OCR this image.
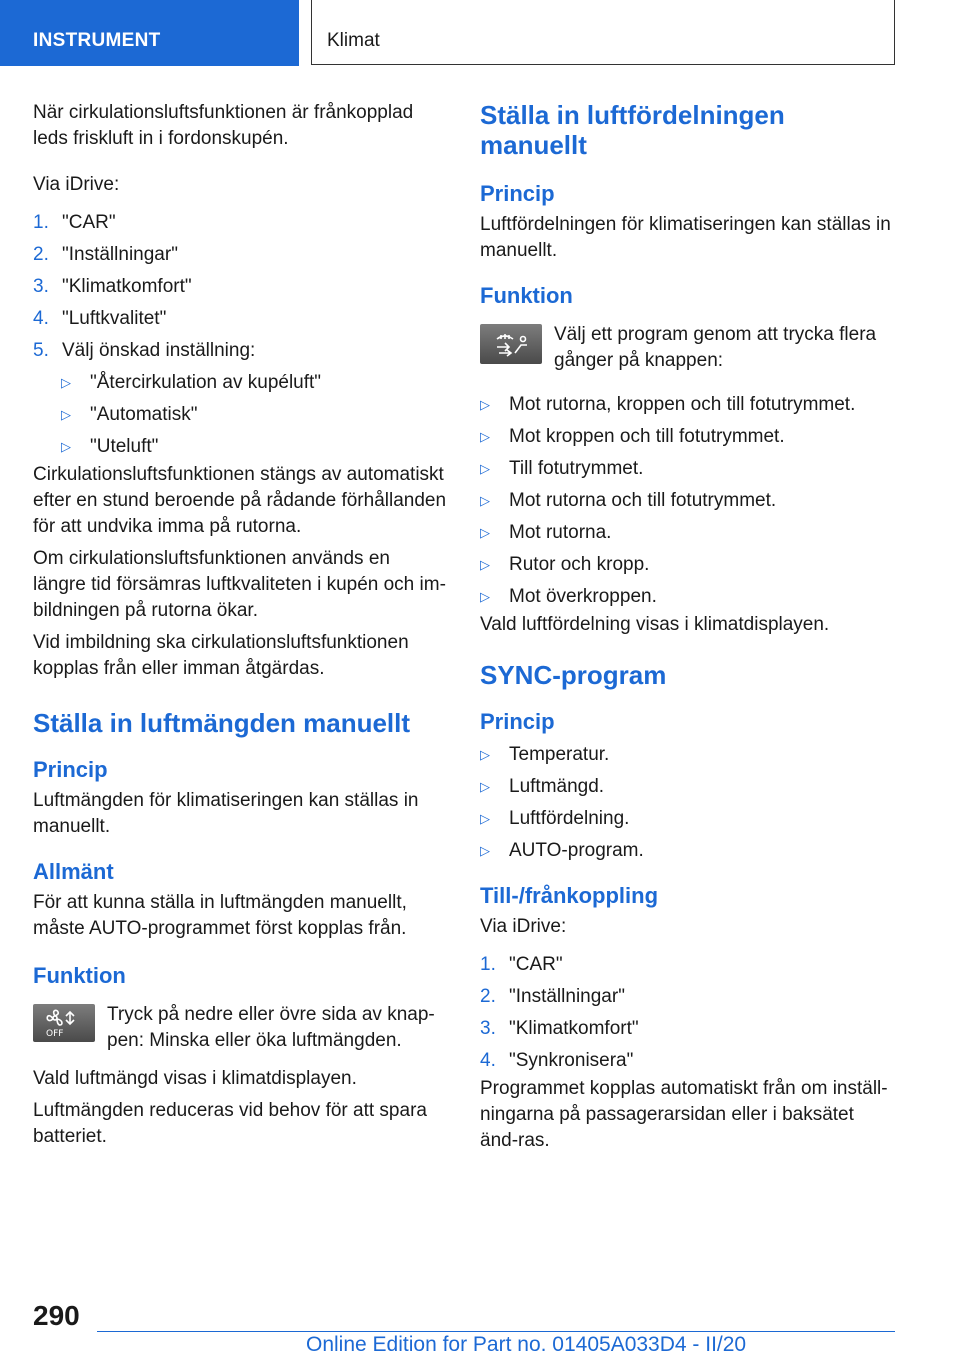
INSTRUMENT	Klimat

När cirkulationsluftsfunktionen är frånkopplad leds friskluft in i fordonskupén.

Via iDrive:

1. "CAR"
2. "Inställningar"
3. "Klimatkomfort"
4. "Luftkvalitet"
5. Välj önskad inställning:
▷	"Återcirkulation av kupéluft"
▷	"Automatisk"
▷	"Uteluft"

Cirkulationsluftsfunktionen stängs av automatiskt efter en stund beroende på rådande förhållanden för att undvika imma på rutorna.

Om cirkulationsluftsfunktionen används en längre tid försämras luftkvaliteten i kupén och im-bildningen på rutorna ökar.

Vid imbildning ska cirkulationsluftsfunktionen kopplas från eller imman åtgärdas.

Ställa in luftmängden manuellt
Princip

Luftmängden för klimatiseringen kan ställas in manuellt.

Allmänt

För att kunna ställa in luftmängden manuellt, måste AUTO-programmet först kopplas från.

Funktion
OFF

Tryck på nedre eller övre sida av knap-pen: Minska eller öka luftmängden.

Vald luftmängd visas i klimatdisplayen.

Luftmängden reduceras vid behov för att spara batteriet.

Ställa in luftfördelningen manuellt
Princip

Luftfördelningen för klimatiseringen kan ställas in manuellt.

Funktion

Välj ett program genom att trycka flera gånger på knappen:

▷	Mot rutorna, kroppen och till fotutrymmet.
▷	Mot kroppen och till fotutrymmet.
▷	Till fotutrymmet.
▷	Mot rutorna och till fotutrymmet.
▷	Mot rutorna.
▷	Rutor och kropp.
▷	Mot överkroppen.

Vald luftfördelning visas i klimatdisplayen.

SYNC-program
Princip
▷	Temperatur.
▷	Luftmängd.
▷	Luftfördelning.
▷	AUTO-program.
Till-/frånkoppling

Via iDrive:

1. "CAR"
2. "Inställningar"
3. "Klimatkomfort"
4. "Synkronisera"

Programmet kopplas automatiskt från om inställ-ningarna på passagerarsidan eller i baksätet änd-ras.

290
Online Edition for Part no. 01405A033D4 - II/20
